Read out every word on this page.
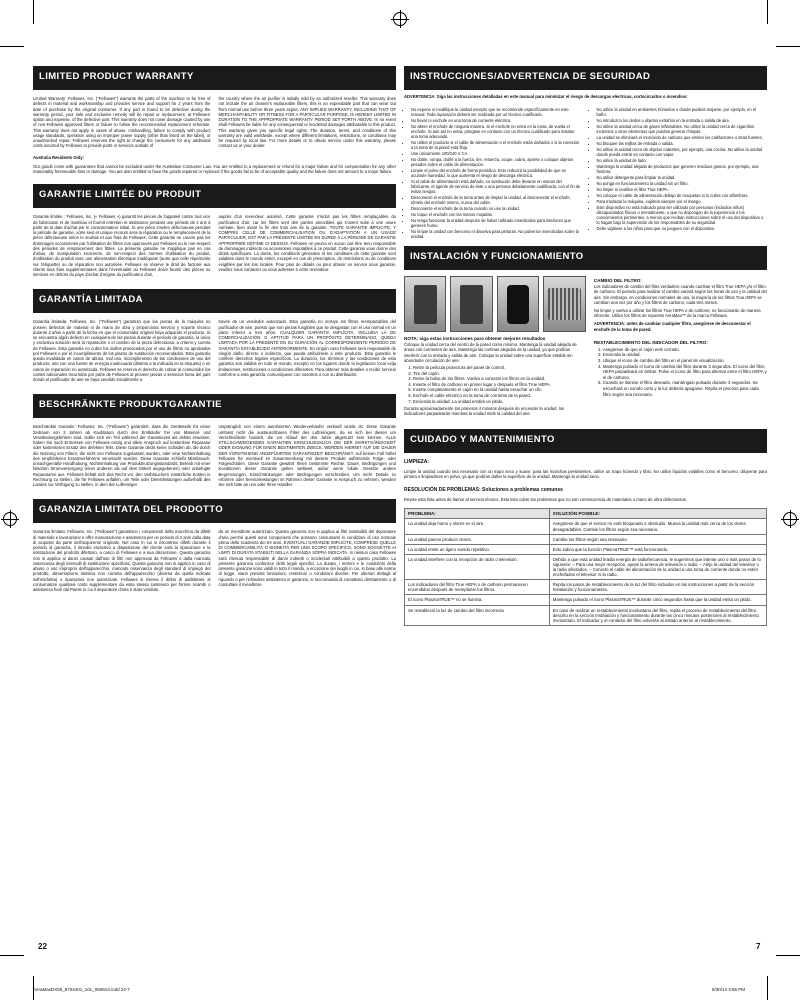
LIMITED PRODUCT WARRANTY

Limited Warranty: Fellowes, Inc. ("Fellowes") warrants the parts of the machine to be free of defects in material and workmanship and provides service and support for 2 years from the date of purchase by the original consumer. If any part is found to be defective during the warranty period, your sole and exclusive remedy will be repair or replacement, at Fellowes' option and expense, of the defective part. This warranty does not cover damage caused by use of non-Fellowes approved filters or failure to follow the recommended replacement schedule. This warranty does not apply in cases of abuse, mishandling, failure to comply with product usage standards, operation using an improper power supply (other than listed on the label), or unauthorized repair. Fellowes reserves the right to charge the consumers for any additional costs incurred by Fellowes to provide parts or services outside of

the country where the air purifier is initially sold by an authorized reseller. This warranty does not include the air cleaner's replaceable filters, this is an expendable part that can wear out from normal use before three years expire. ANY IMPLIED WARRANTY, INCLUDING THAT OF MERCHANTABILITY OR FITNESS FOR A PARTICULAR PURPOSE, IS HEREBY LIMITED IN DURATION TO THE APPROPRIATE WARRANTY PERIOD SET FORTH ABOVE. In no event shall Fellowes be liable for any consequential or incidental damages attributable to this product. This warranty gives you specific legal rights. The duration, terms, and conditions of this warranty are valid worldwide, except where different limitations, restrictions, or conditions may be required by local law. For more details or to obtain service under this warranty, please contact us or your dealer.

Australia Residents Only:

Our goods come with guarantees that cannot be excluded under the Australian Consumer Law. You are entitled to a replacement or refund for a major failure and for compensation for any other reasonably foreseeable loss or damage. You are also entitled to have the goods repaired or replaced if the goods fail to be of acceptable quality and the failure does not amount to a major failure.

GARANTIE LIMITÉE DU PRODUIT

Garantie limitée : Fellowes, Inc. (« Fellowes ») garantit les pièces de l'appareil contre tout vice de fabrication et de matériau et fournit entretien et assistance pendant une période de 2 ans à partir de la date d'achat par le consommateur initial. Si une pièce s'avère défectueuse pendant la période de garantie, votre seul et unique recours sera la réparation ou le remplacement de la pièce défectueuse selon le souhait et aux frais de Fellowes. Cette garantie ne couvre pas les dommages occasionnés par l'utilisation de filtres non approuvés par Fellowes ou le non-respect des périodes de remplacement des filtres. La présente garantie ne s'applique pas en cas d'abus, de manipulation incorrecte, de non-respect des normes d'utilisation du produit, d'utilisation du produit avec une alimentation électrique inadéquate (autre que celle répertoriée sur l'étiquette) ou de réparation non autorisée. Fellowes se réserve le droit de facturer aux clients tous frais supplémentaires dans l'éventualité où Fellowes doive fournir des pièces ou services en dehors du pays d'achat d'origine du purificateur d'air,

auprès d'un revendeur autorisé. Cette garantie n'inclut pas les filtres remplaçables du purificateur d'air, car les filtres sont des parties amovibles qui s'usent suite à une usure normale, bien avant la fin des trois ans de la garantie. TOUTE GARANTIE IMPLICITE, Y COMPRIS CELLE DE COMMERCIALISATION OU D'ADAPTATION À UN USAGE PARTICULIER, EST PAR LA PRÉSENTE LIMITÉE EN DURÉE À LA PÉRIODE DE GARANTIE APPROPRIÉE DÉFINIE CI-DESSUS. Fellowes ne pourra en aucun cas être tenu responsable de dommages indirects ou accessoires imputables à ce produit. Cette garantie vous donne des droits spécifiques. La durée, les conditions générales et les conditions de cette garantie sont valables dans le monde entier, excepté en cas de prescription, de restrictions ou de conditions exigibles par les lois locales. Pour plus de détails ou pour obtenir un service sous garantie, veuillez nous contacter ou vous adresser à votre revendeur.

GARANTÍA LIMITADA

Garantía limitada: Fellowes, Inc. ("Fellowes") garantiza que las piezas de la máquina no poseen defectos de material ni de mano de obra y proporciona servicio y soporte técnico durante 2 años a partir de la fecha en que el consumidor original haya adquirido el producto. Si se encuentra algún defecto en cualquiera de las piezas durante el período de garantía, la única y exclusiva solución será la reparación o el cambio de la pieza defectuosa, a criterio y cuenta de Fellowes. Esta garantía no cubre los daños provocados por el uso de filtros no aprobados por Fellowes o por el incumplimiento de los plazos de sustitución recomendados. Esta garantía queda invalidada en casos de abuso, mal uso, incumplimiento de las condiciones de uso del producto, uso con una fuente de energía inadecuada (distinta a la indicada en la etiqueta) o en casos de reparación no autorizada. Fellowes se reserva el derecho de cobrar al consumidor los costes adicionales incurridos por parte de Fellowes al proveer piezas o servicios fuera del país donde el purificador de aire se haya vendido inicialmente a

través de un vendedor autorizado. Esta garantía no incluye los filtros reemplazables del purificador de aire, puesto que son piezas fungibles que se desgastan con el uso normal en un plazo inferior a tres años. CUALQUIER GARANTÍA IMPLÍCITA, INCLUIDA LA DE COMERCIALIZACIÓN O APTITUD PARA UN PROPÓSITO DETERMINADO, QUEDA LIMITADA POR LA PRESENTE EN SU DURACIÓN AL CORRESPONDIENTE PERÍODO DE GARANTÍA ESTABLECIDO ANTERIORMENTE. En ningún caso Fellowes será responsable de ningún daño, directo o indirecto, que pueda atribuírsele a este producto. Esta garantía le confiere derechos legales específicos. La duración, los términos y las condiciones de esta garantía son válidos en todo el mundo, excepto en los lugares donde la legislación local exija limitaciones, restricciones o condiciones diferentes. Para obtener más detalles o recibir servicio conforme a esta garantía, comuníquese con nosotros o con su distribuidor.

BESCHRÄNKTE PRODUKTGARANTIE

Beschränkte Garantie: Fellowes, Inc. ("Fellowes") garantiert, dass die Geräteteile für einen Zeitraum von 2 Jahren ab Kaufdatum durch den Erstkäufer frei von Material- und Verarbeitungsfehlern sind. Sollte sich ein Teil während der Garantiezeit als defekt erweisen, haben Sie nach Ermessen von Fellowes einzig und allein Anspruch auf kostenlose Reparatur oder kostenlosen Ersatz des defekten Teils. Diese Garantie deckt keine Schäden ab, die durch die Nutzung von Filtern, die nicht von Fellowes zugelassen wurden, oder eine Nichteinhaltung des empfohlenen Ersatzverfahrens verursacht wurden. Diese Garantie schließt Missbrauch, unsachgemäße Handhabung, Nichteinhaltung von Produktnutzungsstandards, Betrieb mit einer falschen Stromversorgung (einer anderen als auf dem Etikett angegebenen) oder unbefugte Reparaturen aus. Fellowes behält sich das Recht vor, den Verbrauchern zusätzliche Kosten in Rechnung zu stellen, die für Fellowes anfallen, um Teile oder Dienstleistungen außerhalb des Landes zur Verfügung zu stellen, in dem der Luftreiniger

ursprünglich von einem autorisierten Wiederverkäufer verkauft wurde ist. Diese Garantie umfasst nicht die austauschbaren Filter des Luftreinigers, da es sich bei diesen um Verschleißteile handelt, die vor Ablauf der drei Jahre abgenutzt sein können. ALLE STILLSCHWEIGENDEN GARANTIEN EINSCHLIESSLICH DIE DER MARKTGÄNGIGKEIT ODER EIGNUNG FÜR EINEN BESTIMMTEN ZWECK, WERDEN HIERMIT AUF DIE DAUER DER VORSTEHEND ANGEFÜHRTEN GARANTIEZEIT BESCHRÄNKT. Auf keinen Fall haftet Fellowes für eventuell im Zusammenhang mit diesem Produkt auftretende Folge- oder Folgeschäden. Diese Garantie gewährt Ihnen bestimmte Rechte. Dauer, Bedingungen und Konditionen dieser Garantie gelten weltweit, außer wenn lokale Gesetze andere Begrenzungen, Einschränkungen oder Bedingungen vorschreiben. Um mehr Details zu erfahren oder Serviceleistungen im Rahmen dieser Garantie in Anspruch zu nehmen, wenden Sie sich bitte an uns oder Ihren Händler.

GARANZIA LIMITATA DEL PRODOTTO

Garanzia limitata: Fellowes, Inc. ("Fellowes") garantisce i componenti della macchina da difetti di materiale e lavorazione e offre manutenzione e assistenza per un periodo di 2 anni dalla data di acquisto da parte dell'acquirente originale. Nel caso in cui si riscontrino difetti durante il periodo di garanzia, il rimedio esclusivo a disposizione del cliente sarà la riparazione o la sostituzione del prodotto difettoso, a carico di Fellowes e a sua discrezione. Questa garanzia non si applica ai danni causati dall'uso di filtri non approvati da Fellowes o dalla mancata osservanza degli intervalli di sostituzione specificati. Questa garanzia non si applica in caso di abuso o uso improprio dell'apparecchio, mancato osservanza degli standard di impiego del prodotto, alimentazione elettrica non corretta dell'apparecchio (diversa da quella indicata sull'etichetta) o riparazioni non autorizzate. Fellowes si riserva il diritto di addebitare al consumatore qualsiasi costo supplementare da essa stessa sostenuto per fornire ricambi o assistenza fuori dal Paese in cui il depuratore d'aria è stato venduto

da un rivenditore autorizzato. Questa garanzia non si applica ai filtri sostituibili del depuratore d'aria perché questi sono componenti che possono consumarsi in condizioni di uso normale prima della scadenza dei tre anni. EVENTUALI GARANZIE IMPLICITE, COMPRESE QUELLE DI COMMERCIABILITÀ O IDONEITÀ PER UNO SCOPO SPECIFICO, SONO SOGGETTE AI LIMITI DI DURATA STABILITI NELLA GARANZIA SOPRA INDICATA. In nessun caso Fellowes sarà ritenuta responsabile di danni indiretti o incidentali attribuibili a questo prodotto. La presente garanzia conferisce diritti legali specifici. La durata, i termini e le condizioni della presente garanzia sono validi in tutto il mondo, a eccezione dei luoghi in cui, in base alle norme di legge, siano previste limitazioni, restrizioni o condizioni diverse. Per ulteriori dettagli al riguardo o per richiedere assistenza in garanzia, si raccomanda di contattarci direttamente o di consultare il rivenditore.

INSTRUCCIONES/ADVERTENCIA DE SEGURIDAD

ADVERTENCIA: Siga las instrucciones detalladas en este manual para minimizar el riesgo de descargas eléctricas, cortocircuitos o incendios:

• No expone ni modifique la unidad excepto que se recomiende específicamente en este manual. Toda reparación deberá ser realizada por un técnico cualificado.
• No llevar ni enchufe en una toma de corriente eléctrica.
• No altere el enchufe de ninguna manera. Si el enchufe no entra en la toma, de vuelta el enchufe. Si aún así no entra, póngase en contacto con un técnico cualificado para instalar una toma adecuada.
• No utilice el producto si el cable de alimentación o el enchufe están dañados o si la conexión a la toma de la pared está floja.
• Use únicamente 100/240 V CA.
• No doble, rompa, doble a la fuerza, tire, retuerza, ocupe, cubra, apriete o coloque objetos pesados sobre el cable de alimentación.
• Limpie el polvo del enchufe de forma periódica. Esto reducirá la posibilidad de que se acumule humedad, lo que aumenta el riesgo de descarga eléctrica.
• Si el cable de alimentación está dañado, su sustitución debe llevarse en manos del fabricante, el agente de servicio de éste o una persona debidamente cualificada, con el fin de evitar riesgos.
• Desconecte el enchufe de la toma antes de limpiar la unidad, al desconectar el enchufe, tómelo del enchufe mismo, nunca del cable.
• Desconecte el enchufe de la toma cuando no use la unidad.
• No toque el enchufe con las manos mojadas.
• No tenga funcionar la unidad después de haber utilizado insecticidas para interiores que generen humo.
• No limpie la unidad con benceno ni disuelva para pinturas. No pulverice insecticidas sobre la unidad.
• No utilice la unidad en ambientes húmedos o donde pudiera mojarse, por ejemplo, en el baño.
• No introduzca los dedos u objetos extraños en la entrada o salida de aire.
• No utilice la unidad cerca de gases inflamables. No utilice la unidad cerca de cigarrillos, inciensos u otros elementos que puedan generar chispas.
• La unidad se eliminará el monóxido de carbono que emiten los calefactores u otras fuentes.
• No bloquee las rejillas de entrada o salida.
• No utilice la unidad cerca de objetos calientes, por ejemplo, una cocina. No utilice la unidad donde pueda entrar en contacto con vapor.
• No utilice la unidad de lado.
• Mantenga la unidad alejada de productos que generen residuos grasos, por ejemplo, una freidora.
• No utilice detergente para limpiar la unidad.
• No ponga en funcionamiento la unidad sin un filtro.
• No limpie ni reutilice el filtro True HEPA.
• No coloque el cable de alimentación debajo de moquetas ni lo cubra con alfombras.
• Para trasladar la máquina, sujétela siempre por el mango.
• Este dispositivo no está indicado para ser utilizado por personas (incluidos niños) discapacitados físicos o mentalmente, o que no dispongan de la experiencia o los conocimientos pertinentes, a menos que reciban instrucciones sobre el uso del dispositivo o lo hagan bajo la supervisión de los responsables de su seguridad.
• Debe vigilarse a los niños para que no jueguen con el dispositivo.
INSTALACIÓN Y FUNCIONAMIENTO

NOTA: siga estas instrucciones para obtener mejores resultados

Coloque la unidad cerca del centro de la pared como mínimo. Mantenga la unidad alejada de áreas con corrientes de aire. Mantenga las cortinas alejadas de la unidad, ya que podrían interferir con la entrada y salida de aire. Coloque la unidad sobre una superficie estable sin abundante circulación de aire.

1. Retire la película protectora del panel de control.
2. Tire del cajón.
3. Retire la bolsa de los filtros. Vuelva a conectar los filtros en la unidad.
4. Inserte el filtro de carbono en primer lugar y después el filtro True HEPA.
5. Inserte completamente el cajón en la unidad hasta escuchar un clic.
6. Enchufe el cable eléctrico en la toma de corriente de la pared.
7. Encienda la unidad. La unidad emitirá un pitido.

Durante aproximadamente los primeros 4 minutos después de encender la unidad, los indicadores parpadearán mientras la unidad mide la calidad del aire.

CAMBIO DEL FILTRO:

Los indicadores de cambio del filtro verdadero cuando cambiar el filtro True HEPA y/o el filtro de carbono. El periodo para realizar el cambio variará según las horas de uso y la calidad del aire. Sin embargo, en condiciones normales de uso, la mayoría de los filtros True HEPA se cambian una vez por año y los filtros de carbono, cada tres meses.

No limpie y vuelva a utilizar los filtros True HEPA o de carbono; no funcionarán de manera eficiente. Utilice los filtros de repuesto AeraMax™ de la marca Fellowes.

ADVERTENCIA: antes de cambiar cualquier filtro, asegúrese de desconectar el enchufe de la toma de pared.

RESTABLECIMIENTO DEL INDICADOR DEL FILTRO:

1. Asegúrese de que el cajón esté cerrado.
2. Encienda la unidad.
3. Ubique el icono de cambio del filtro en el panel de visualización.
4. Mantenga pulsado el icono de cambio del filtro durante 3 segundos. El icono del filtro HEPA parpadeará en ámbar. Pulse el icono de filtro para alternar entre el filtro HEPA y el de carbono.
5. Cuando se ilumine el filtro deseado, manténgalo pulsado durante 3 segundos. Se escuchará un sonido corto y la luz debería apagarse. Repita el proceso para cada filtro según sea necesario.
CUIDADO Y MANTENIMIENTO

LIMPIEZA:

Limpie la unidad cuando sea necesario con un trapo seco y suave; para las manchas persistentes, utilice un trapo húmedo y tibio. No utilice líquidos volátiles como el benceno, diluyente para pintura o limpiadores en polvo, ya que podrían dañar la superficie de la unidad. Mantenga la unidad seca.

RESOLUCIÓN DE PROBLEMAS: Soluciones a problemas comunes

Revise esta lista antes de llamar al servicio técnico. Esta lista cubre los problemas que no son consecuencia de materiales o mano de obra defectuosos.

PROBLEMA:	SOLUCIÓN POSIBLE:
La unidad deja humo y olores en el aire.	Asegúrese de que el sensor no esté bloqueado o obstruido. Mueva la unidad más cerca de los olores desagradables. Cambie los filtros según sea necesario.
La unidad parece producir olores.	Cambie los filtros según sea necesario.
La unidad emite un ligero sonido repetitivo.	Esto indica que la función PlasmaTRUE™ está funcionando.
La unidad interfiere con la recepción de radio o televisión.	Debido a que esta unidad irradia energía de radiofrecuencia, le sugerimos que intente uno o más pasos de lo siguiente: – Para una mejor recepción, ajuste la antena de televisión o radio. – Aleje la unidad del televisor o la radio afectados. – Conecte el cable de alimentación de la unidad a una toma de corriente donde no estén enchufados el televisor ni la radio.
Los indicadores del filtro True HEPA o de carbono permanecen encendidos después de reemplazar los filtros.	Repita los pasos de restablecimiento de la luz del filtro incluidos en las instrucciones a partir de la sección Instalación y funcionamiento.
El icono PlasmaTRUE™ no se ilumina.	Mantenga pulsado el icono PlasmaTRUE™ durante cinco segundos hasta que la unidad emita un pitido.
Se restableció la luz de cambio del filtro incorrecta	En caso de realizar un restablecimiento involuntario del filtro, repita el proceso de restablecimiento del filtro descrito en la sección Instalación y funcionamiento durante las cinco minutos posteriores al restablecimiento involuntario. El indicador y el contador del filtro volverán al estado anterior al restablecimiento.
22	7
AeraMaxDX55_8704401_10L_050913.indd 22-7	5/30/13 3:56 PM
